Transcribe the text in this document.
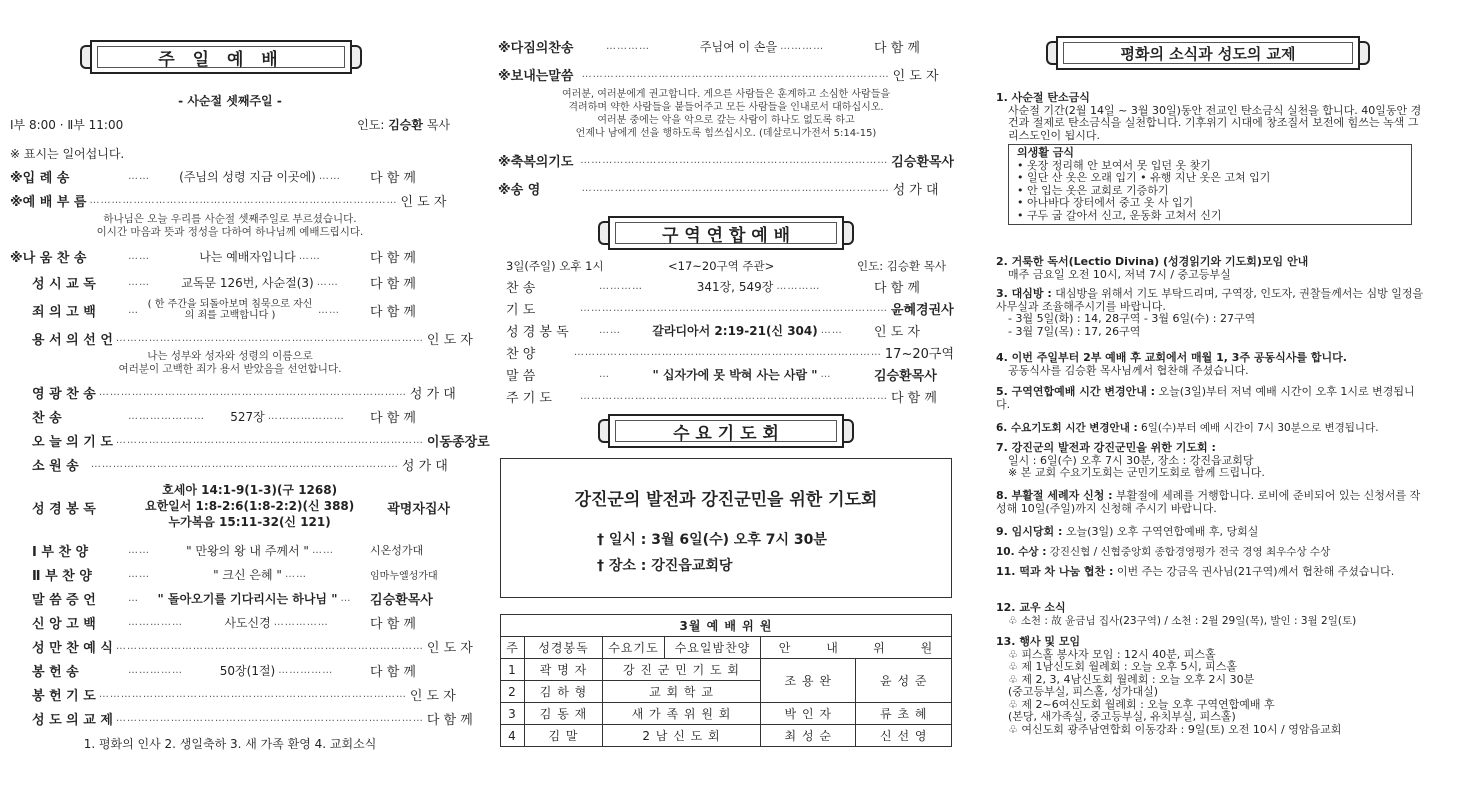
주 일 예 배
- 사순절 셋째주일 -
Ⅰ부 8:00 · Ⅱ부 11:00	인도: 김승환 목사
※ 표시는 일어섭니다.
※입 례 송	……	(주님의 성령 지금 이곳에) ……	다 함 께
※예 배 부 름 ………………………………………………………………………… 인 도 자
하나님은 오늘 우리를 사순절 셋째주일로 부르셨습니다.
이시간 마음과 뜻과 정성을 다하여 하나님께 예배드립시다.
※나 움 찬 송	……	나는 예배자입니다 ……	다 함 께
성 시 교 독	……	교독문 126번, 사순절(3) ……	다 함 께
죄 의 고 백	… ( 한 주간을 되돌아보며 침묵으로 자신의 죄를 고백합니다 )	……	다 함 께
용 서 의 선 언 ………………………………………………………………………… 인 도 자
나는 성부와 성자와 성령의 이름으로
여러분이 고백한 죄가 용서 받았음을 선언합니다.
영 광 찬 송 ………………………………………………………………………… 성 가 대
찬 송	…………………	527장 …………………	다 함 께
오 늘 의 기 도 ………………………………………………………………………… 이동종장로
소 원 송	………………………………………………………………………… 성 가 대
성 경 봉 독
호세아 14:1-9(1-3)(구 1268)
요한일서 1:8-2:6(1:8-2:2)(신 388)
누가복음 15:11-32(신 121)
곽명자집사
Ⅰ 부 찬 양	……	" 만왕의 왕 내 주께서 " ……	시온성가대
Ⅱ 부 찬 양	……	" 크신 은혜 " ……	임마누엘성가대
말 씀 증 언	…	" 돌아오기를 기다리시는 하나님 " …	김승환목사
신 앙 고 백	……………	사도신경 ……………	다 함 께
성 만 찬 예 식 ………………………………………………………………………… 인 도 자
봉 헌 송	……………	50장(1절) ……………	다 함 께
봉 헌 기 도 ………………………………………………………………………… 인 도 자
성 도 의 교 제 ………………………………………………………………………… 다 함 께
1. 평화의 인사 2. 생일축하 3. 새 가족 환영 4. 교회소식
※다짐의찬송	…………	주님여 이 손을 …………	다 함 께
※보내는말씀 ………………………………………………………………………… 인 도 자
여러분, 여러분에게 권고합니다. 게으른 사람들은 훈계하고 소심한 사람들을
격려하며 약한 사람들을 붙들어주고 모든 사람들을 인내로서 대하십시오.
여러분 중에는 악을 악으로 갚는 사람이 하나도 없도록 하고
언제나 남에게 선을 행하도록 힘쓰십시오. (데살로니가전서 5:14-15)
※축복의기도 ………………………………………………………………………… 김승환목사
※송 영	………………………………………………………………………… 성 가 대
구 역 연 합 예 배
3일(주일) 오후 1시	<17~20구역 주관>	인도: 김승환 목사
찬 송	…………	341장, 549장 …………	다 함 께
기 도	………………………………………………………………………… 윤혜경권사
성 경 봉 독	……	갈라디아서 2:19-21(신 304) ……	인 도 자
찬 양	………………………………………………………………………… 17~20구역
말 씀	…	" 십자가에 못 박혀 사는 사람 " …	김승환목사
주 기 도	………………………………………………………………………… 다 함 께
수 요 기 도 회
강진군의 발전과 강진군민을 위한 기도회
† 일시 : 3월 6일(수) 오후 7시 30분
† 장소 : 강진읍교회당
3월 예 배 위 원							
주	성경봉독	수요기도	수요일밤찬양	안	내	위	원
1	곽 명 자	강 진 군 민 기 도 회		조 용 완		윤 성 준	
2	김 하 형	교 회 학 교					
3	김 동 재	새 가 족 위 원 회		박 인 자		류 초 혜	
4	김 말	2 남 신 도 회		최 성 순		신 선 영	
평화의 소식과 성도의 교제
1. 사순절 탄소금식
사순절 기간(2월 14일 ~ 3월 30일)동안 전교인 탄소금식 실천을 합니다. 40일동안 경건과 절제로 탄소금식을 실천합니다. 기후위기 시대에 창조질서 보전에 힘쓰는 녹색 그리스도인이 됩시다.
의생활 금식
• 옷장 정리해 안 보여서 못 입던 옷 찾기
• 일단 산 옷은 오래 입기 • 유행 지난 옷은 고쳐 입기
• 안 입는 옷은 교회로 기증하기
• 아나바다 장터에서 중고 옷 사 입기
• 구두 굽 갈아서 신고, 운동화 고쳐서 신기
2. 거룩한 독서(Lectio Divina) (성경읽기와 기도회)모임 안내
매주 금요일 오전 10시, 저녁 7시 / 중고등부실
3. 대심방 : 대심방을 위해서 기도 부탁드리며, 구역장, 인도자, 권찰들께서는 심방 일정을 사무실과 조율해주시기를 바랍니다.
- 3월 5일(화) : 14, 28구역 - 3월 6일(수) : 27구역
- 3월 7일(목) : 17, 26구역
4. 이번 주일부터 2부 예배 후 교회에서 매월 1, 3주 공동식사를 합니다.
공동식사를 김승환 목사님께서 협찬해 주셨습니다.
5. 구역연합예배 시간 변경안내 : 오늘(3일)부터 저녁 예배 시간이 오후 1시로 변경됩니다.
6. 수요기도회 시간 변경안내 : 6일(수)부터 예배 시간이 7시 30분으로 변경됩니다.
7. 강진군의 발전과 강진군민을 위한 기도회 :
일시 : 6일(수) 오후 7시 30분, 장소 : 강진읍교회당
※ 본 교회 수요기도회는 군민기도회로 함께 드립니다.
8. 부활절 세례자 신청 : 부활절에 세례를 거행합니다. 로비에 준비되어 있는 신청서를 작성해 10일(주일)까지 신청해 주시기 바랍니다.
9. 임시당회 : 오늘(3일) 오후 구역연합예배 후, 당회실
10. 수상 : 강진신협 / 신협중앙회 종합경영평가 전국 경영 최우수상 수상
11. 떡과 차 나눔 협찬 : 이번 주는 강금옥 권사님(21구역)께서 협찬해 주셨습니다.
12. 교우 소식
♧ 소천 : 故 윤금님 집사(23구역) / 소천 : 2월 29일(목), 발인 : 3월 2일(토)
13. 행사 및 모임
♧ 피스홀 봉사자 모임 : 12시 40분, 피스홀
♧ 제 1남신도회 월례회 : 오늘 오후 5시, 피스홀
♧ 제 2, 3, 4남신도회 월례회 : 오늘 오후 2시 30분
(중고등부실, 피스홀, 성가대실)
♧ 제 2~6여신도회 월례회 : 오늘 오후 구역연합예배 후
(본당, 새가족실, 중고등부실, 유치부실, 피스홀)
♧ 여신도회 광주남연합회 이동강좌 : 9일(토) 오전 10시 / 영암읍교회
